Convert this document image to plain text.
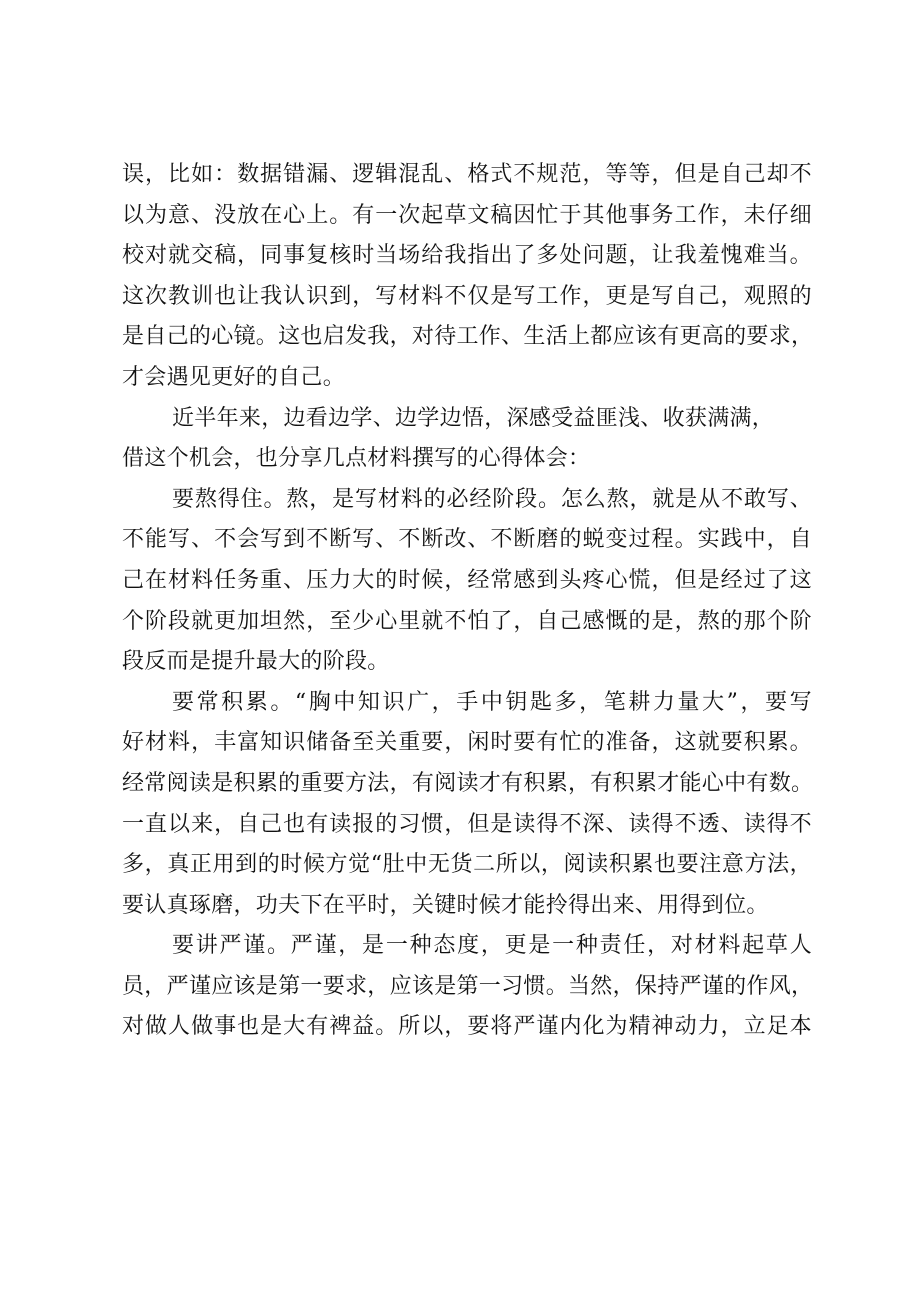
误，比如：数据错漏、逻辑混乱、格式不规范，等等，但是自己却不
以为意、没放在心上。有一次起草文稿因忙于其他事务工作，未仔细
校对就交稿，同事复核时当场给我指出了多处问题，让我羞愧难当。
这次教训也让我认识到，写材料不仅是写工作，更是写自己，观照的
是自己的心镜。这也启发我，对待工作、生活上都应该有更高的要求，
才会遇见更好的自己。
近半年来，边看边学、边学边悟，深感受益匪浅、收获满满，
借这个机会，也分享几点材料撰写的心得体会：
要熬得住。熬，是写材料的必经阶段。怎么熬，就是从不敢写、
不能写、不会写到不断写、不断改、不断磨的蜕变过程。实践中，自
己在材料任务重、压力大的时候，经常感到头疼心慌，但是经过了这
个阶段就更加坦然，至少心里就不怕了，自己感慨的是，熬的那个阶
段反而是提升最大的阶段。
要常积累。“胸中知识广，手中钥匙多，笔耕力量大”，要写
好材料，丰富知识储备至关重要，闲时要有忙的准备，这就要积累。
经常阅读是积累的重要方法，有阅读才有积累，有积累才能心中有数。
一直以来，自己也有读报的习惯，但是读得不深、读得不透、读得不
多，真正用到的时候方觉“肚中无货二所以，阅读积累也要注意方法，
要认真琢磨，功夫下在平时，关键时候才能拎得出来、用得到位。
要讲严谨。严谨，是一种态度，更是一种责任，对材料起草人
员，严谨应该是第一要求，应该是第一习惯。当然，保持严谨的作风，
对做人做事也是大有裨益。所以，要将严谨内化为精神动力，立足本
